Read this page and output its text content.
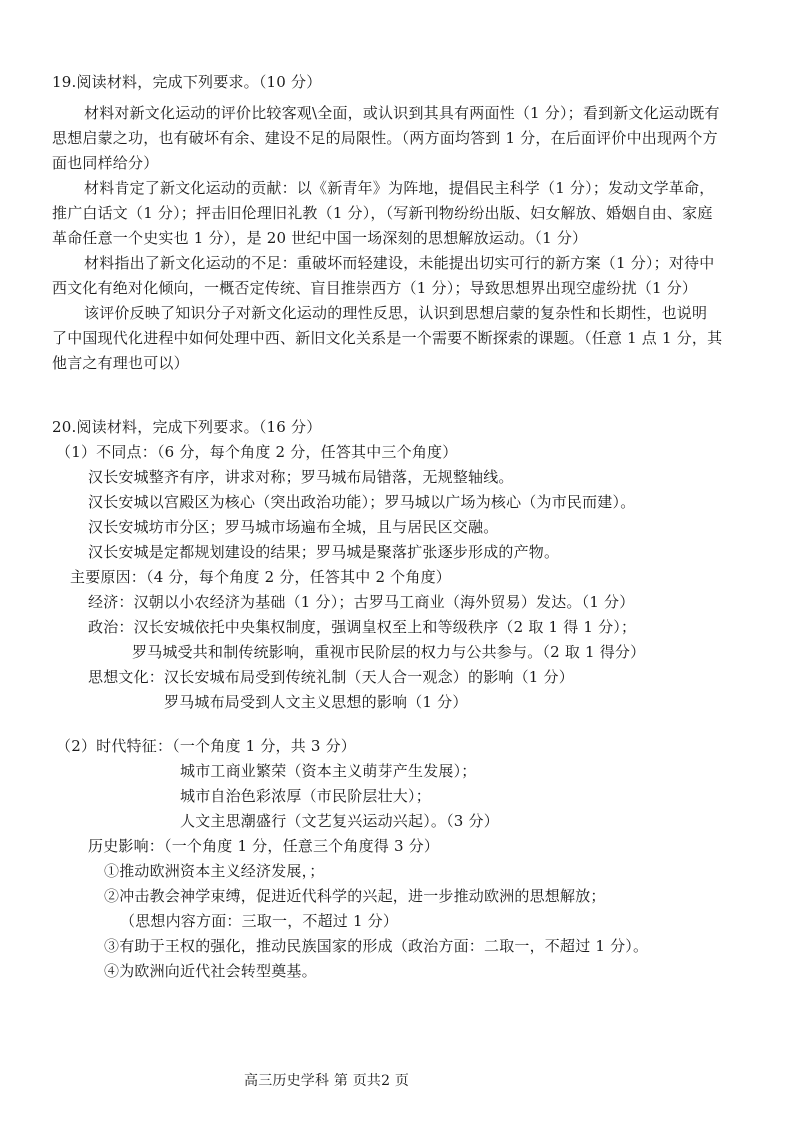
19.阅读材料，完成下列要求。（10 分）
材料对新文化运动的评价比较客观\全面，或认识到其具有两面性（1 分）；看到新文化运动既有
思想启蒙之功，也有破坏有余、建设不足的局限性。（两方面均答到 1 分，在后面评价中出现两个方
面也同样给分）
材料肯定了新文化运动的贡献：以《新青年》为阵地，提倡民主科学（1 分）；发动文学革命，
推广白话文（1 分）；抨击旧伦理旧礼教（1 分），（写新刊物纷纷出版、妇女解放、婚姻自由、家庭
革命任意一个史实也 1 分），是 20 世纪中国一场深刻的思想解放运动。（1 分）
材料指出了新文化运动的不足：重破坏而轻建设，未能提出切实可行的新方案（1 分）；对待中
西文化有绝对化倾向，一概否定传统、盲目推崇西方（1 分）；导致思想界出现空虚纷扰（1 分）
该评价反映了知识分子对新文化运动的理性反思，认识到思想启蒙的复杂性和长期性，也说明
了中国现代化进程中如何处理中西、新旧文化关系是一个需要不断探索的课题。（任意 1 点 1 分，其
他言之有理也可以）
20.阅读材料，完成下列要求。（16 分）
（1）不同点：（6 分，每个角度 2 分，任答其中三个角度）
汉长安城整齐有序，讲求对称；罗马城布局错落，无规整轴线。
汉长安城以宫殿区为核心（突出政治功能）；罗马城以广场为核心（为市民而建）。
汉长安城坊市分区；罗马城市场遍布全城，且与居民区交融。
汉长安城是定都规划建设的结果；罗马城是聚落扩张逐步形成的产物。
主要原因：（4 分，每个角度 2 分，任答其中 2 个角度）
经济：汉朝以小农经济为基础（1 分）；古罗马工商业（海外贸易）发达。（1 分）
政治：汉长安城依托中央集权制度，强调皇权至上和等级秩序（2 取 1 得 1 分）；
罗马城受共和制传统影响，重视市民阶层的权力与公共参与。（2 取 1 得分）
思想文化：汉长安城布局受到传统礼制（天人合一观念）的影响（1 分）
罗马城布局受到人文主义思想的影响（1 分）
（2）时代特征：（一个角度 1 分，共 3 分）
城市工商业繁荣（资本主义萌芽产生发展）；
城市自治色彩浓厚（市民阶层壮大）；
人文主思潮盛行（文艺复兴运动兴起）。（3 分）
历史影响：（一个角度 1 分，任意三个角度得 3 分）
①推动欧洲资本主义经济发展，；
②冲击教会神学束缚，促进近代科学的兴起，进一步推动欧洲的思想解放；
（思想内容方面：三取一，不超过 1 分）
③有助于王权的强化，推动民族国家的形成（政治方面：二取一，不超过 1 分）。
④为欧洲向近代社会转型奠基。
高三历史学科 第 页共2 页
